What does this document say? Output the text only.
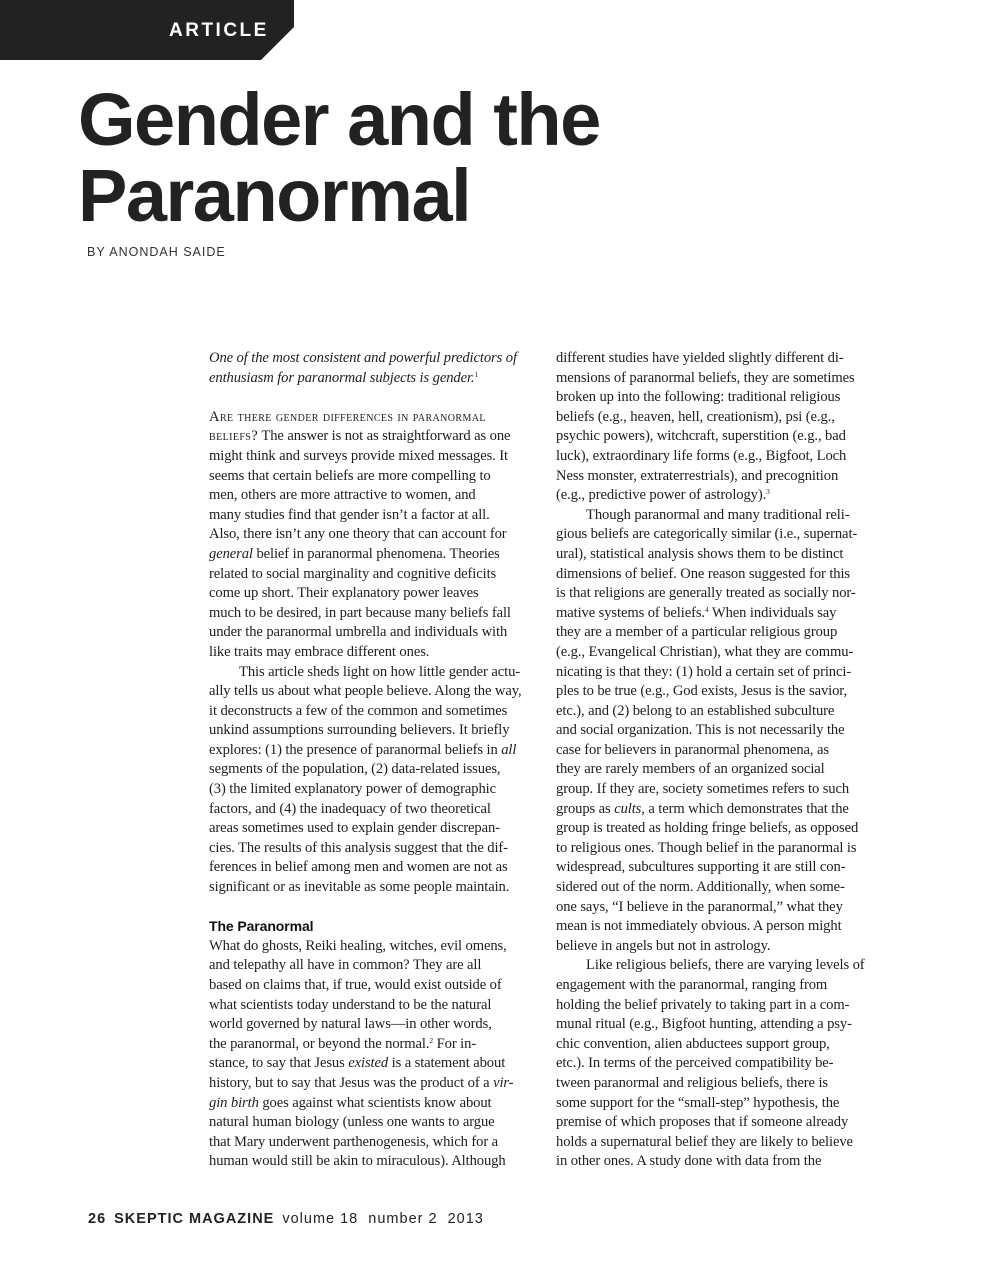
ARTICLE
Gender and the
Paranormal
BY ANONDAH SAIDE
One of the most consistent and powerful predictors of
enthusiasm for paranormal subjects is gender.$^1$
Are there gender differences in paranormal
beliefs? The answer is not as straightforward as one
might think and surveys provide mixed messages. It
seems that certain beliefs are more compelling to
men, others are more attractive to women, and
many studies find that gender isn’t a factor at all.
Also, there isn’t any one theory that can account for
general belief in paranormal phenomena. Theories
related to social marginality and cognitive deficits
come up short. Their explanatory power leaves
much to be desired, in part because many beliefs fall
under the paranormal umbrella and individuals with
like traits may embrace different ones.
This article sheds light on how little gender actu-
ally tells us about what people believe. Along the way,
it deconstructs a few of the common and sometimes
unkind assumptions surrounding believers. It briefly
explores: (1) the presence of paranormal beliefs in all
segments of the population, (2) data-related issues,
(3) the limited explanatory power of demographic
factors, and (4) the inadequacy of two theoretical
areas sometimes used to explain gender discrepan-
cies. The results of this analysis suggest that the dif-
ferences in belief among men and women are not as
significant or as inevitable as some people maintain.
The Paranormal
What do ghosts, Reiki healing, witches, evil omens,
and telepathy all have in common? They are all
based on claims that, if true, would exist outside of
what scientists today understand to be the natural
world governed by natural laws—in other words,
the paranormal, or beyond the normal.$^2$ For in-
stance, to say that Jesus existed is a statement about
history, but to say that Jesus was the product of a vir-
gin birth goes against what scientists know about
natural human biology (unless one wants to argue
that Mary underwent parthenogenesis, which for a
human would still be akin to miraculous). Although
different studies have yielded slightly different di-
mensions of paranormal beliefs, they are sometimes
broken up into the following: traditional religious
beliefs (e.g., heaven, hell, creationism), psi (e.g.,
psychic powers), witchcraft, superstition (e.g., bad
luck), extraordinary life forms (e.g., Bigfoot, Loch
Ness monster, extraterrestrials), and precognition
(e.g., predictive power of astrology).$^3$
Though paranormal and many traditional reli-
gious beliefs are categorically similar (i.e., supernat-
ural), statistical analysis shows them to be distinct
dimensions of belief. One reason suggested for this
is that religions are generally treated as socially nor-
mative systems of beliefs.$^4$ When individuals say
they are a member of a particular religious group
(e.g., Evangelical Christian), what they are commu-
nicating is that they: (1) hold a certain set of princi-
ples to be true (e.g., God exists, Jesus is the savior,
etc.), and (2) belong to an established subculture
and social organization. This is not necessarily the
case for believers in paranormal phenomena, as
they are rarely members of an organized social
group. If they are, society sometimes refers to such
groups as cults, a term which demonstrates that the
group is treated as holding fringe beliefs, as opposed
to religious ones. Though belief in the paranormal is
widespread, subcultures supporting it are still con-
sidered out of the norm. Additionally, when some-
one says, “I believe in the paranormal,” what they
mean is not immediately obvious. A person might
believe in angels but not in astrology.
Like religious beliefs, there are varying levels of
engagement with the paranormal, ranging from
holding the belief privately to taking part in a com-
munal ritual (e.g., Bigfoot hunting, attending a psy-
chic convention, alien abductees support group,
etc.). In terms of the perceived compatibility be-
tween paranormal and religious beliefs, there is
some support for the “small-step” hypothesis, the
premise of which proposes that if someone already
holds a supernatural belief they are likely to believe
in other ones. A study done with data from the
26 SKEPTIC MAGAZINE volume 18  number 2  2013
